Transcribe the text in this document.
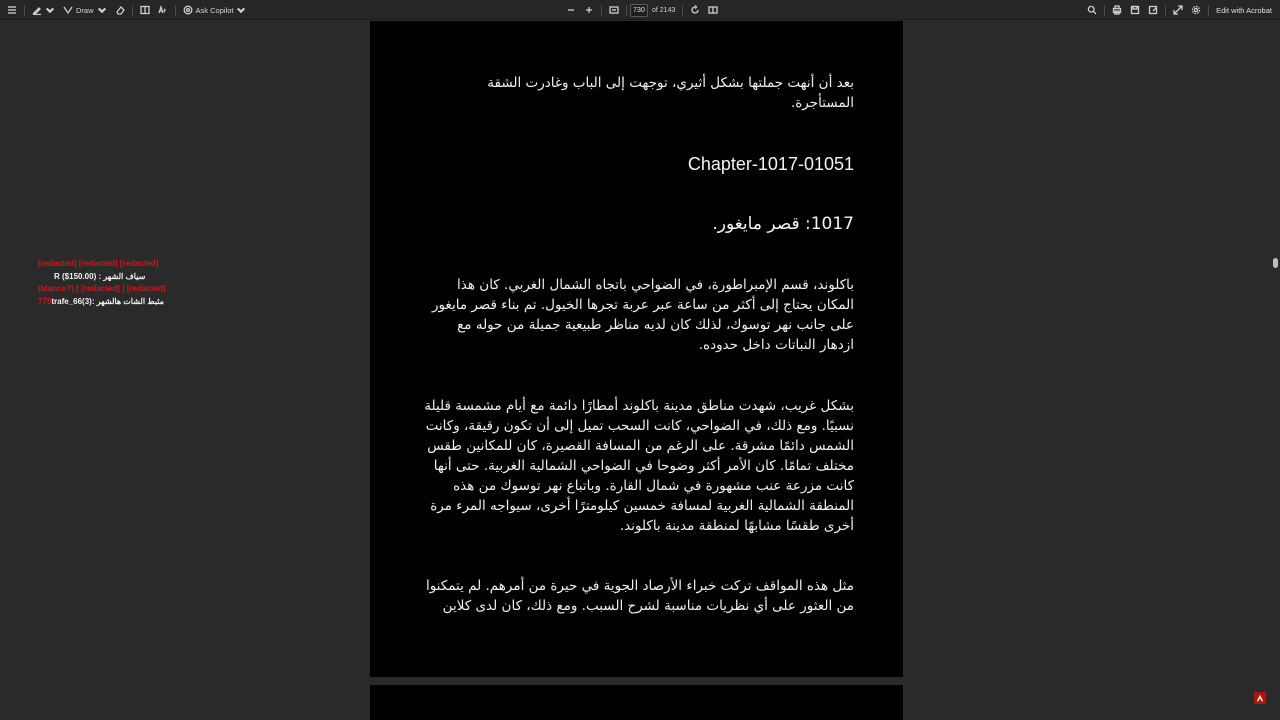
Draw	Ask Copilot
730	of 2143	Edit with Acrobat
[redacted] [redacted] [redacted]
R ($150.00) : سياف الشهر
(blanco?) [ [redacted] ] [redacted]
775trafe_66(3): مثبط الشات هالشهر
بعد أن أنهت جملتها بشكل أثيري، توجهت إلى الباب وغادرت الشقة المستأجرة.
Chapter-1017-01051
1017: قصر مايغور.
باكلوند، قسم الإمبراطورة، في الضواحي باتجاه الشمال الغربي. كان هذا المكان يحتاج إلى أكثر من ساعة عبر عربة تجرها الخيول. تم بناء قصر مايغور على جانب نهر توسوك، لذلك كان لديه مناظر طبيعية جميلة من حوله مع ازدهار النباتات داخل حدوده.
بشكل غريب، شهدت مناطق مدينة باكلوند أمطارًا دائمة مع أيام مشمسة قليلة نسبيًا. ومع ذلك، في الضواحي، كانت السحب تميل إلى أن تكون رقيقة، وكانت الشمس دائمًا مشرقة. على الرغم من المسافة القصيرة، كان للمكانين طقس مختلف تمامًا. كان الأمر أكثر وضوحا في الضواحي الشمالية الغربية. حتى أنها كانت مزرعة عنب مشهورة في شمال القارة. وباتباع نهر توسوك من هذه المنطقة الشمالية الغربية لمسافة خمسين كيلومترًا أخرى، سيواجه المرء مرة أخرى طقسًا مشابهًا لمنطقة مدينة باكلوند.
مثل هذه المواقف تركت خبراء الأرصاد الجوية في حيرة من أمرهم. لم يتمكنوا من العثور على أي نظريات مناسبة لشرح السبب. ومع ذلك، كان لدى كلاين
